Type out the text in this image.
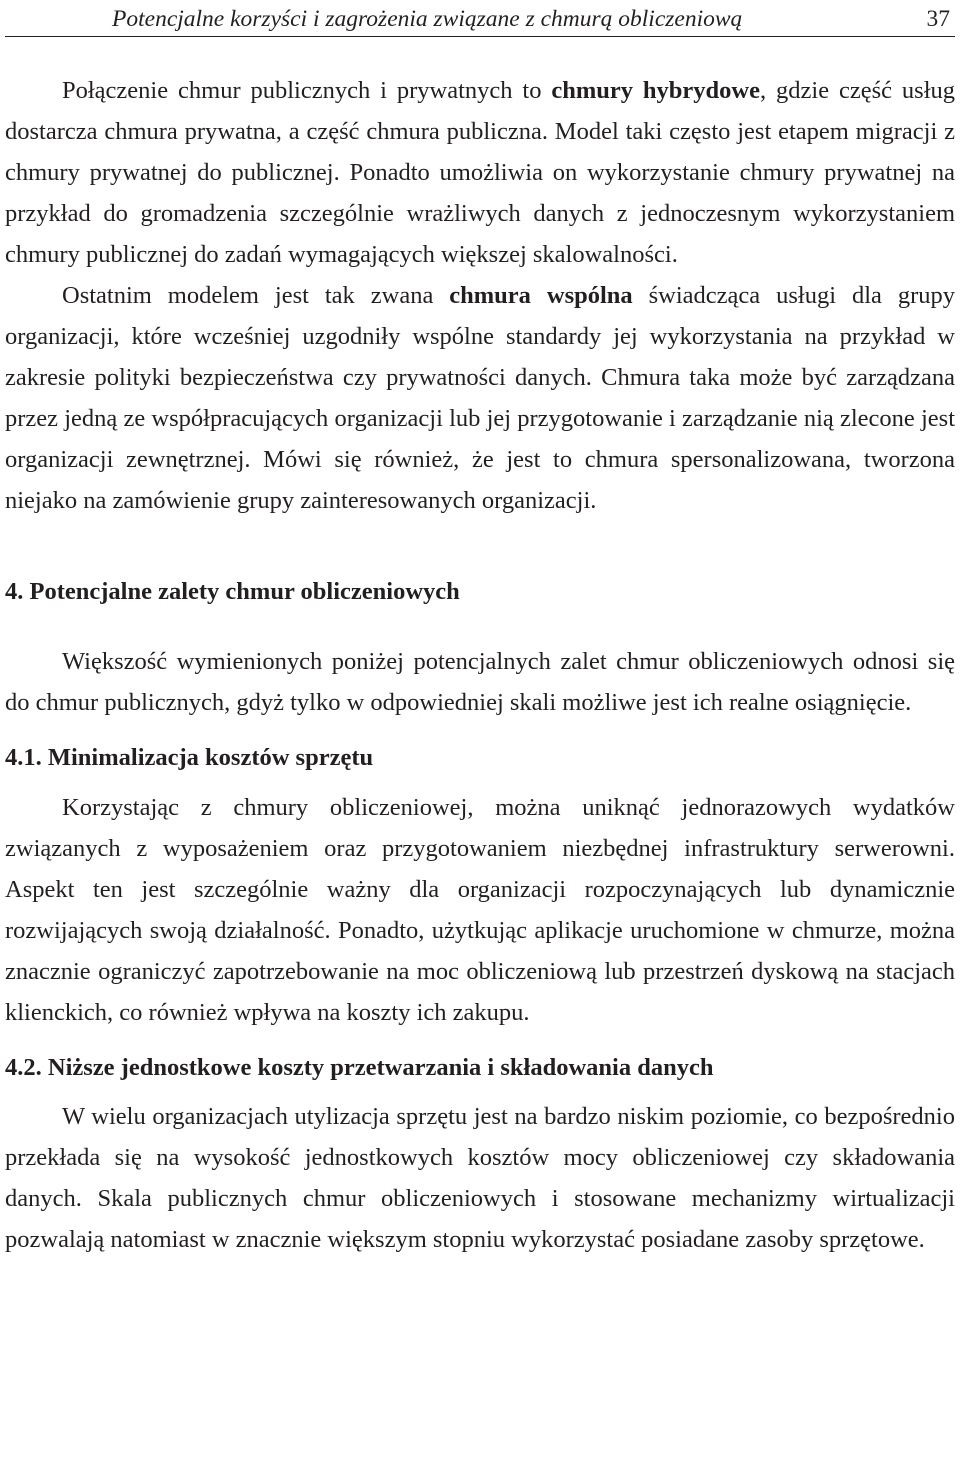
Potencjalne korzyści i zagrożenia związane z chmurą obliczeniową	37

Połączenie chmur publicznych i prywatnych to chmury hybrydowe, gdzie część usług dostarcza chmura prywatna, a część chmura publiczna. Model taki często jest etapem migracji z chmury prywatnej do publicznej. Ponadto umożliwia on wykorzystanie chmury prywatnej na przykład do gromadzenia szczególnie wrażliwych danych z jednoczesnym wykorzystaniem chmury publicznej do zadań wymagających większej skalowalności.

Ostatnim modelem jest tak zwana chmura wspólna świadcząca usługi dla grupy organizacji, które wcześniej uzgodniły wspólne standardy jej wykorzystania na przykład w zakresie polityki bezpieczeństwa czy prywatności danych. Chmura taka może być zarządzana przez jedną ze współpracujących organizacji lub jej przygotowanie i zarządzanie nią zlecone jest organizacji zewnętrznej. Mówi się również, że jest to chmura spersonalizowana, tworzona niejako na zamówienie grupy zainteresowanych organizacji.

4. Potencjalne zalety chmur obliczeniowych

Większość wymienionych poniżej potencjalnych zalet chmur obliczeniowych odnosi się do chmur publicznych, gdyż tylko w odpowiedniej skali możliwe jest ich realne osiągnięcie.

4.1. Minimalizacja kosztów sprzętu

Korzystając z chmury obliczeniowej, można uniknąć jednorazowych wydatków związanych z wyposażeniem oraz przygotowaniem niezbędnej infrastruktury serwerowni. Aspekt ten jest szczególnie ważny dla organizacji rozpoczynających lub dynamicznie rozwijających swoją działalność. Ponadto, użytkując aplikacje uruchomione w chmurze, można znacznie ograniczyć zapotrzebowanie na moc obliczeniową lub przestrzeń dyskową na stacjach klienckich, co również wpływa na koszty ich zakupu.

4.2. Niższe jednostkowe koszty przetwarzania i składowania danych

W wielu organizacjach utylizacja sprzętu jest na bardzo niskim poziomie, co bezpośrednio przekłada się na wysokość jednostkowych kosztów mocy obliczeniowej czy składowania danych. Skala publicznych chmur obliczeniowych i stosowane mechanizmy wirtualizacji pozwalają natomiast w znacznie większym stopniu wykorzystać posiadane zasoby sprzętowe.
